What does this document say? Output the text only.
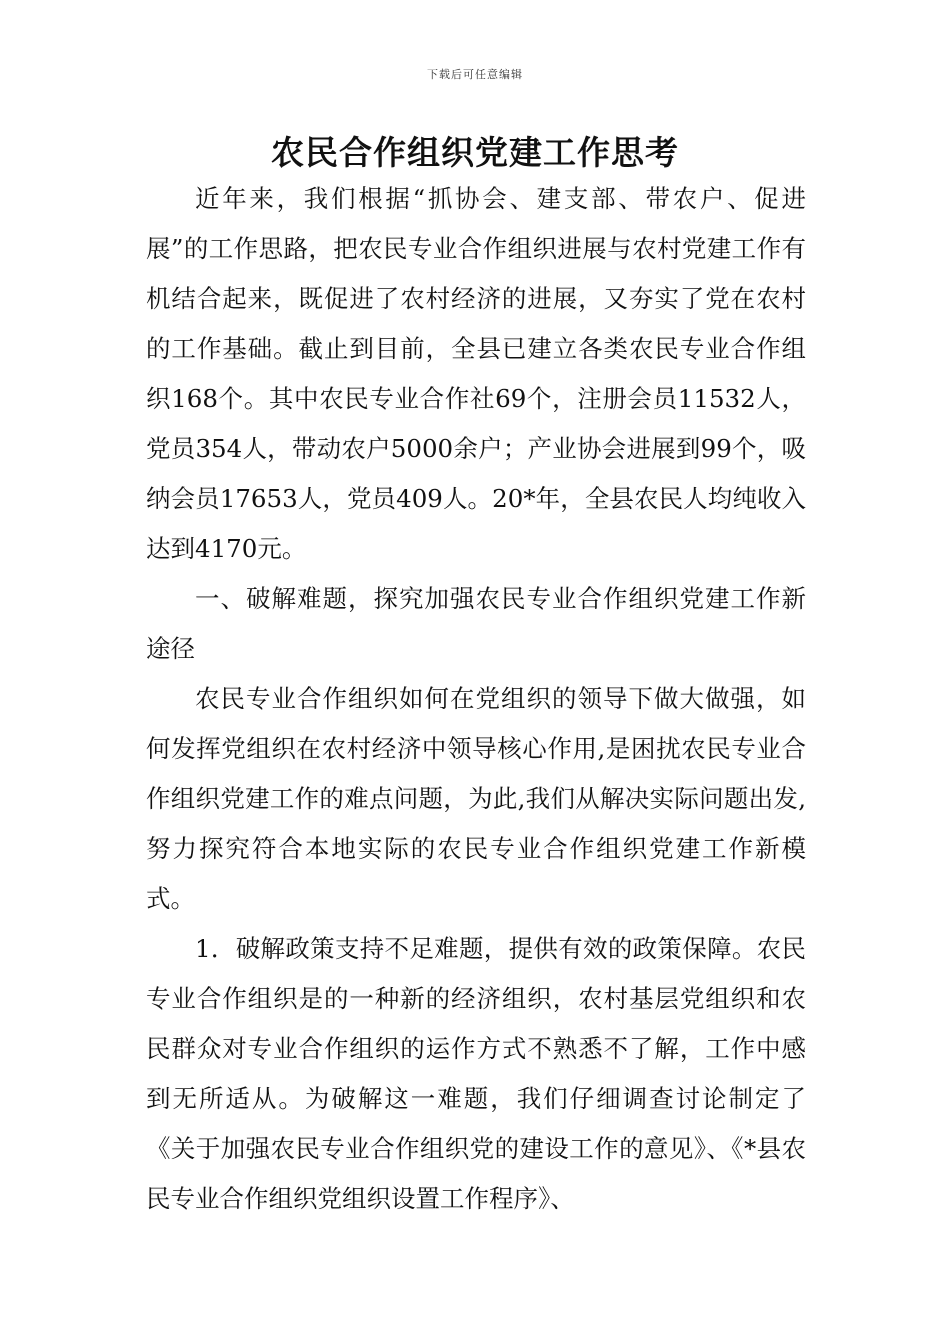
下载后可任意编辑
农民合作组织党建工作思考

近年来，我们根据“抓协会、建支部、带农户、促进展”的工作思路，把农民专业合作组织进展与农村党建工作有机结合起来，既促进了农村经济的进展，又夯实了党在农村的工作基础。截止到目前，全县已建立各类农民专业合作组织168个。其中农民专业合作社69个，注册会员11532人，党员354人，带动农户5000余户；产业协会进展到99个，吸纳会员17653人，党员409人。20*年，全县农民人均纯收入达到4170元。

一、破解难题，探究加强农民专业合作组织党建工作新途径

农民专业合作组织如何在党组织的领导下做大做强，如何发挥党组织在农村经济中领导核心作用,是困扰农民专业合作组织党建工作的难点问题，为此,我们从解决实际问题出发,努力探究符合本地实际的农民专业合作组织党建工作新模式。

1．破解政策支持不足难题，提供有效的政策保障。农民专业合作组织是的一种新的经济组织，农村基层党组织和农民群众对专业合作组织的运作方式不熟悉不了解，工作中感到无所适从。为破解这一难题，我们仔细调查讨论制定了《关于加强农民专业合作组织党的建设工作的意见》、《*县农民专业合作组织党组织设置工作程序》、
